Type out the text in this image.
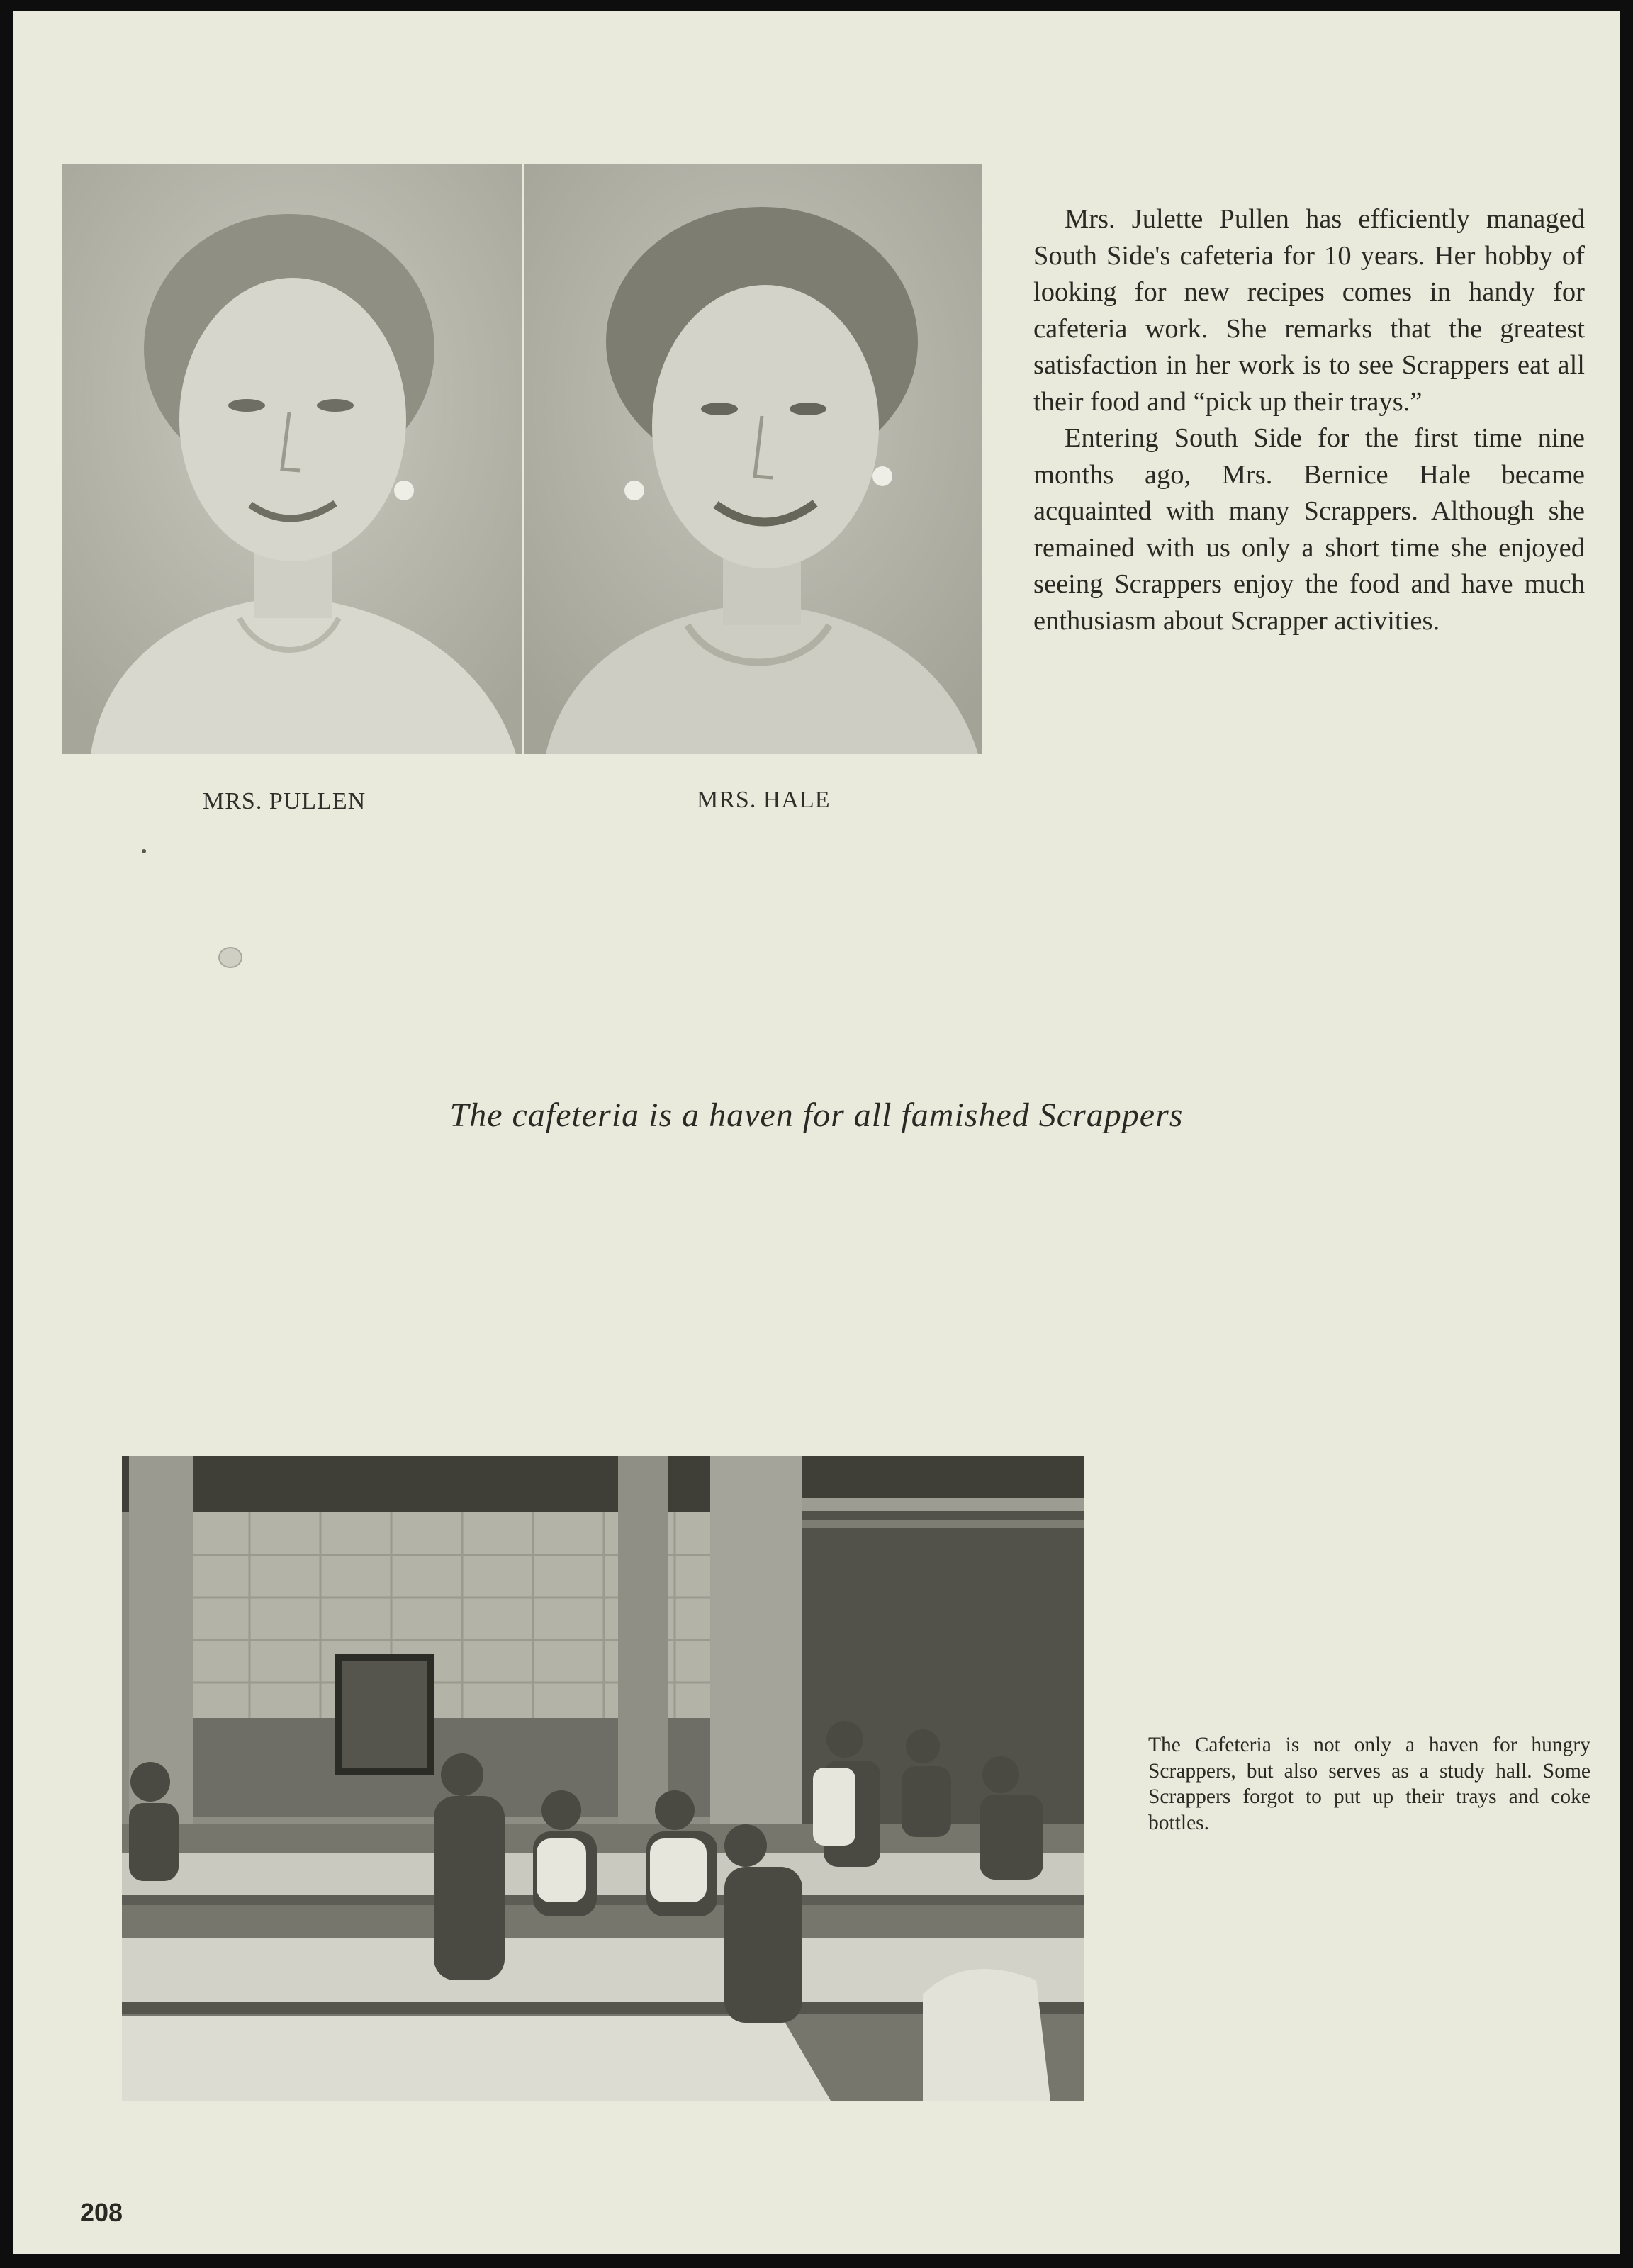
MRS. PULLEN	MRS. HALE

Mrs. Julette Pullen has efficiently managed South Side's cafeteria for 10 years. Her hobby of looking for new recipes comes in handy for cafeteria work. She remarks that the greatest satisfaction in her work is to see Scrappers eat all their food and “pick up their trays.”

Entering South Side for the first time nine months ago, Mrs. Bernice Hale became acquainted with many Scrappers. Although she remained with us only a short time she enjoyed seeing Scrappers enjoy the food and have much enthusiasm about Scrapper activities.

The cafeteria is a haven for all famished Scrappers
The Cafeteria is not only a haven for hungry Scrappers, but also serves as a study hall. Some Scrappers forgot to put up their trays and coke bottles.
208
